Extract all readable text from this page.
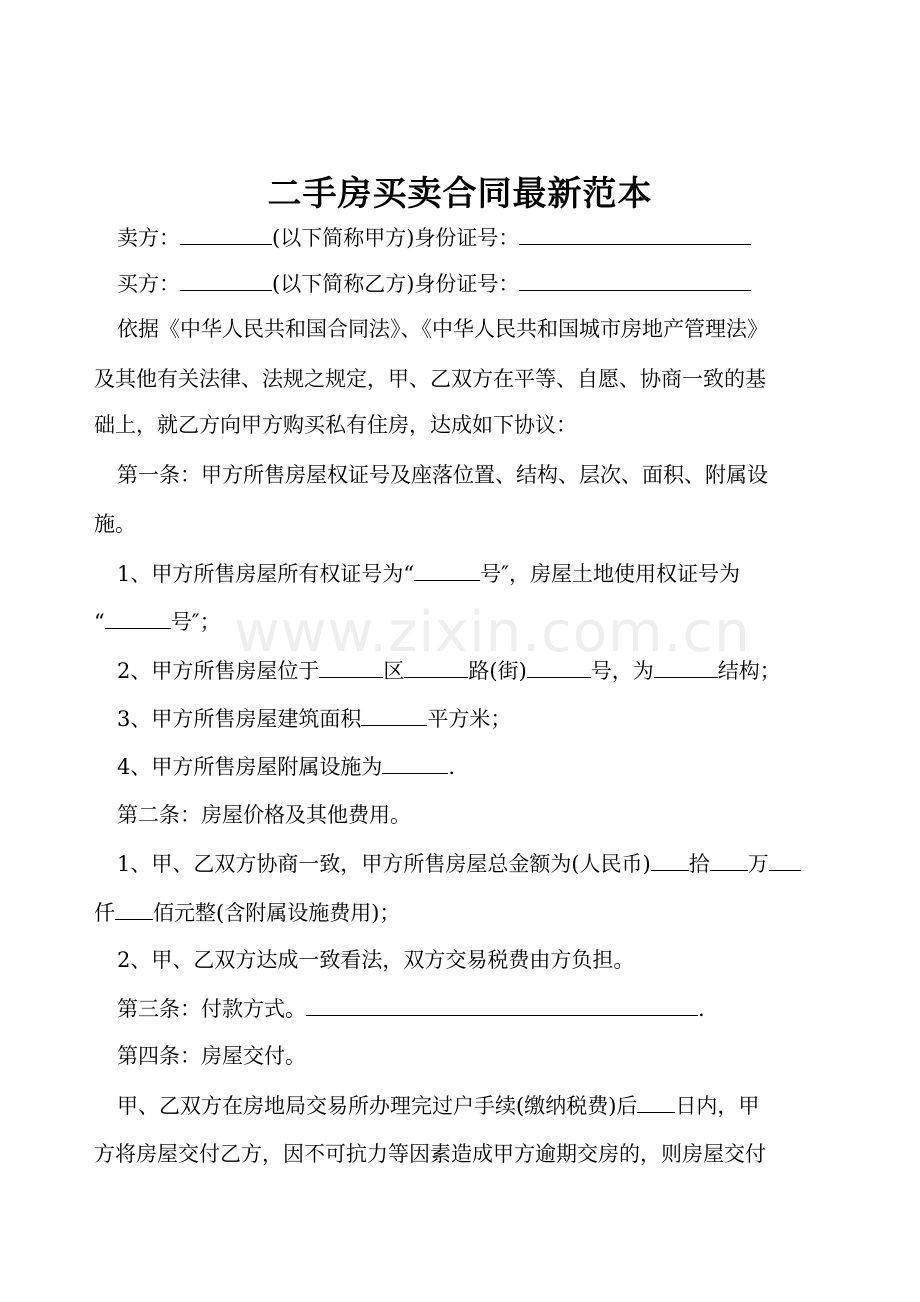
二手房买卖合同最新范本
卖方：	(以下简称甲方)身份证号：
买方：	(以下简称乙方)身份证号：
依据《中华人民共和国合同法》、《中华人民共和国城市房地产管理法》
及其他有关法律、法规之规定，甲、乙双方在平等、自愿、协商一致的基
础上，就乙方向甲方购买私有住房，达成如下协议：
第一条：甲方所售房屋权证号及座落位置、结构、层次、面积、附属设
施。
1、甲方所售房屋所有权证号为“	号″，房屋土地使用权证号为
“	号″；
2、甲方所售房屋位于	区	路(街)	号，为	结构；
3、甲方所售房屋建筑面积	平方米；
4、甲方所售房屋附属设施为	.
第二条：房屋价格及其他费用。
1、甲、乙双方协商一致，甲方所售房屋总金额为(人民币) 拾 万
仟 佰元整(含附属设施费用)；
2、甲、乙双方达成一致看法，双方交易税费由方负担。
第三条：付款方式。	.
第四条：房屋交付。
甲、乙双方在房地局交易所办理完过户手续(缴纳税费)后 日内，甲
方将房屋交付乙方，因不可抗力等因素造成甲方逾期交房的，则房屋交付
www.zixin.com.cn
